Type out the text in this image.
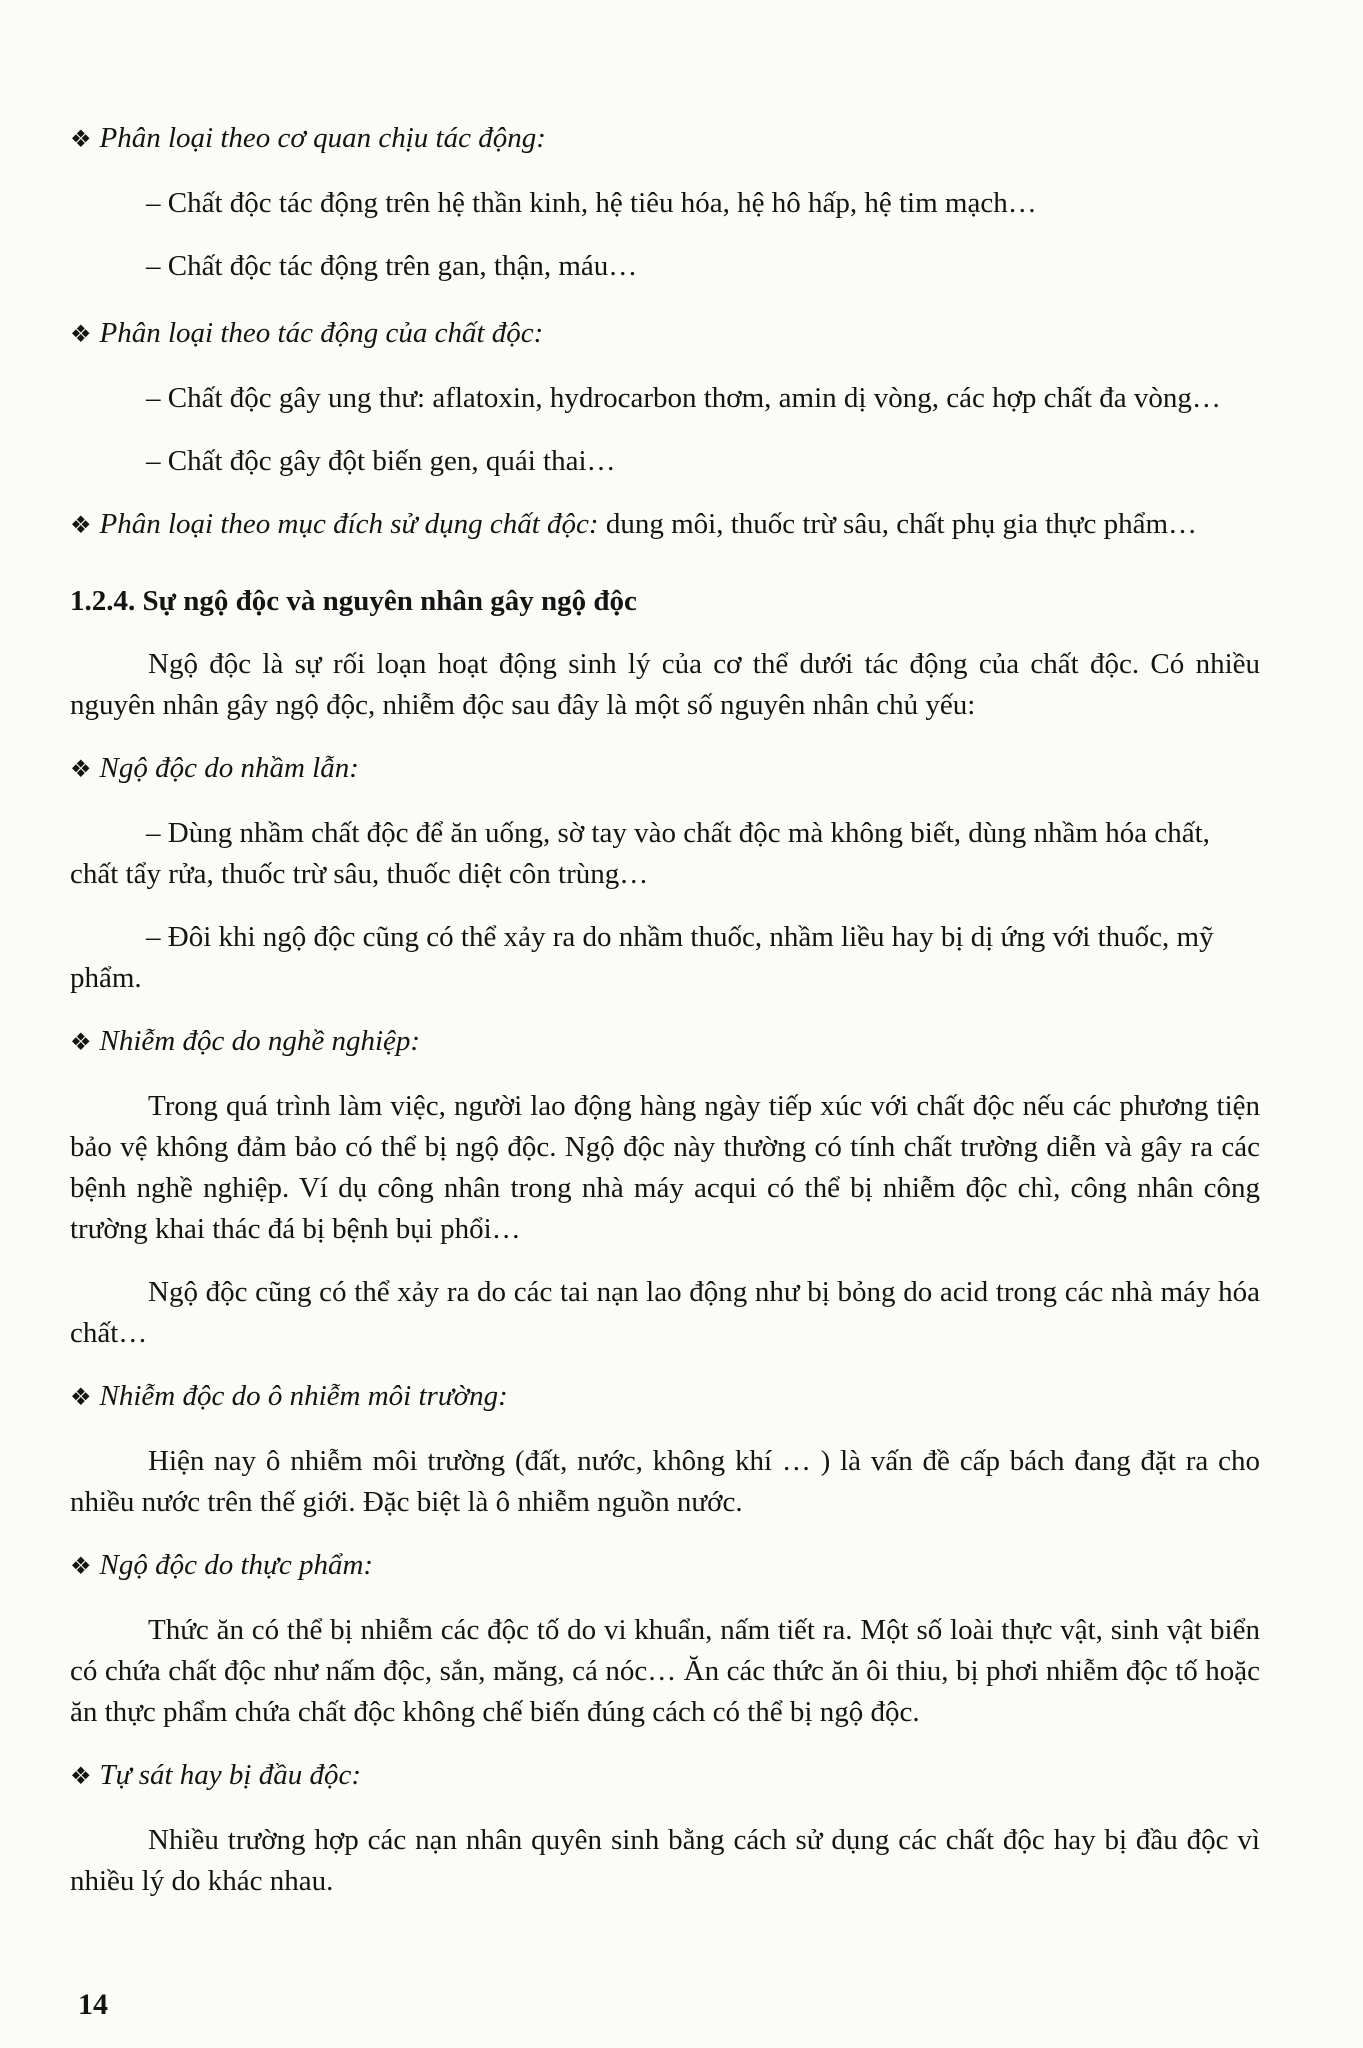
❖ Phân loại theo cơ quan chịu tác động:

– Chất độc tác động trên hệ thần kinh, hệ tiêu hóa, hệ hô hấp, hệ tim mạch…

– Chất độc tác động trên gan, thận, máu…

❖ Phân loại theo tác động của chất độc:

– Chất độc gây ung thư: aflatoxin, hydrocarbon thơm, amin dị vòng, các hợp chất đa vòng…

– Chất độc gây đột biến gen, quái thai…

❖ Phân loại theo mục đích sử dụng chất độc: dung môi, thuốc trừ sâu, chất phụ gia thực phẩm…

1.2.4. Sự ngộ độc và nguyên nhân gây ngộ độc

Ngộ độc là sự rối loạn hoạt động sinh lý của cơ thể dưới tác động của chất độc. Có nhiều nguyên nhân gây ngộ độc, nhiễm độc sau đây là một số nguyên nhân chủ yếu:

❖ Ngộ độc do nhầm lẫn:

– Dùng nhầm chất độc để ăn uống, sờ tay vào chất độc mà không biết, dùng nhầm hóa chất, chất tẩy rửa, thuốc trừ sâu, thuốc diệt côn trùng…

– Đôi khi ngộ độc cũng có thể xảy ra do nhầm thuốc, nhầm liều hay bị dị ứng với thuốc, mỹ phẩm.

❖ Nhiễm độc do nghề nghiệp:

Trong quá trình làm việc, người lao động hàng ngày tiếp xúc với chất độc nếu các phương tiện bảo vệ không đảm bảo có thể bị ngộ độc. Ngộ độc này thường có tính chất trường diễn và gây ra các bệnh nghề nghiệp. Ví dụ công nhân trong nhà máy acqui có thể bị nhiễm độc chì, công nhân công trường khai thác đá bị bệnh bụi phổi…

Ngộ độc cũng có thể xảy ra do các tai nạn lao động như bị bỏng do acid trong các nhà máy hóa chất…

❖ Nhiễm độc do ô nhiễm môi trường:

Hiện nay ô nhiễm môi trường (đất, nước, không khí … ) là vấn đề cấp bách đang đặt ra cho nhiều nước trên thế giới. Đặc biệt là ô nhiễm nguồn nước.

❖ Ngộ độc do thực phẩm:

Thức ăn có thể bị nhiễm các độc tố do vi khuẩn, nấm tiết ra. Một số loài thực vật, sinh vật biển có chứa chất độc như nấm độc, sắn, măng, cá nóc… Ăn các thức ăn ôi thiu, bị phơi nhiễm độc tố hoặc ăn thực phẩm chứa chất độc không chế biến đúng cách có thể bị ngộ độc.

❖ Tự sát hay bị đầu độc:

Nhiều trường hợp các nạn nhân quyên sinh bằng cách sử dụng các chất độc hay bị đầu độc vì nhiều lý do khác nhau.

14
